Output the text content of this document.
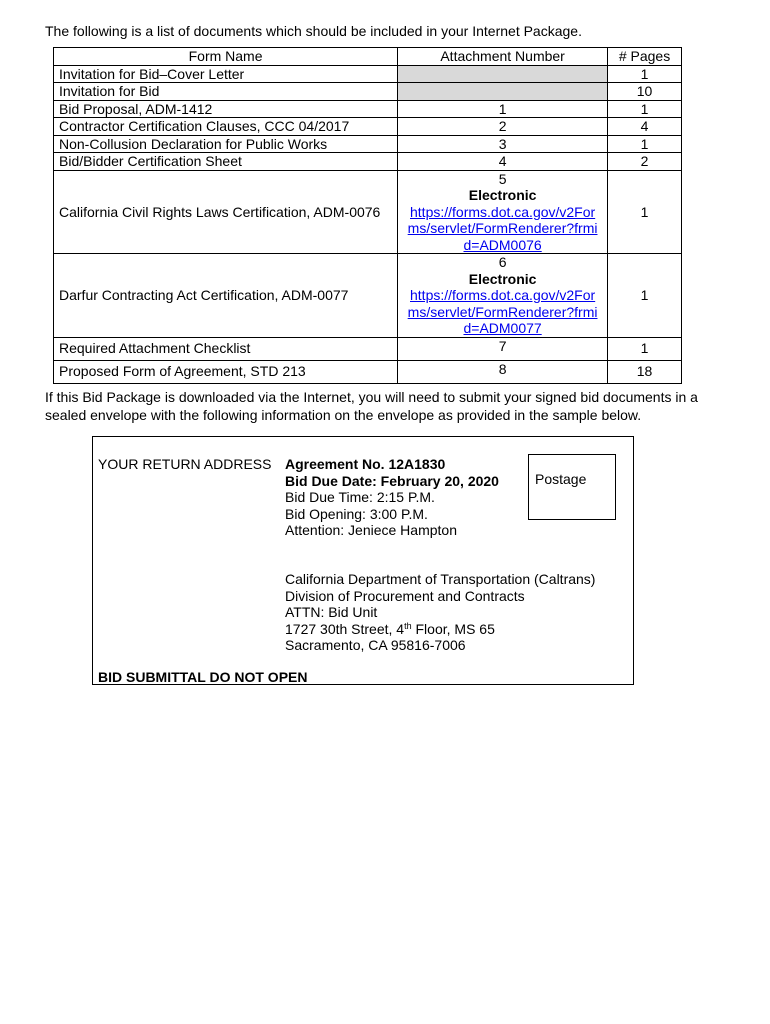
The following is a list of documents which should be included in your Internet Package.
Form Name	Attachment Number	# Pages
Invitation for Bid–Cover Letter		1
Invitation for Bid		10
Bid Proposal, ADM-1412	1	1
Contractor Certification Clauses, CCC 04/2017	2	4
Non-Collusion Declaration for Public Works	3	1
Bid/Bidder Certification Sheet	4	2
California Civil Rights Laws Certification, ADM-0076	5
Electronic
https://forms.dot.ca.gov/v2For
ms/servlet/FormRenderer?frmi
d=ADM0076	1
Darfur Contracting Act Certification, ADM-0077	6
Electronic
https://forms.dot.ca.gov/v2For
ms/servlet/FormRenderer?frmi
d=ADM0077	1
Required Attachment Checklist	7	1
Proposed Form of Agreement, STD 213	8	18
If this Bid Package is downloaded via the Internet, you will need to submit your signed bid documents in a sealed envelope with the following information on the envelope as provided in the sample below.
YOUR RETURN ADDRESS Agreement No. 12A1830
Bid Due Date: February 20, 2020
Bid Due Time: 2:15 P.M.
Bid Opening: 3:00 P.M.
Attention: Jeniece Hampton
Postage
California Department of Transportation (Caltrans)
Division of Procurement and Contracts
ATTN: Bid Unit
1727 30th Street, 4th Floor, MS 65
Sacramento, CA 95816-7006
BID SUBMITTAL DO NOT OPEN
